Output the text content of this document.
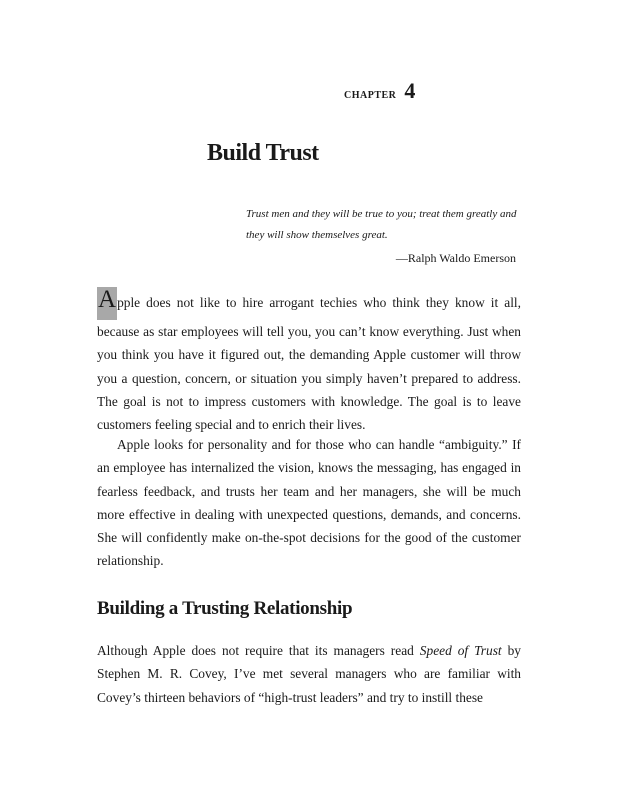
CHAPTER 4
Build Trust

Trust men and they will be true to you; treat them greatly and they will show themselves great.

—Ralph Waldo Emerson

Apple does not like to hire arrogant techies who think they know it all, because as star employees will tell you, you can’t know everything. Just when you think you have it figured out, the demanding Apple customer will throw you a question, concern, or situation you simply haven’t prepared to address. The goal is not to impress customers with knowledge. The goal is to leave customers feeling special and to enrich their lives.

Apple looks for personality and for those who can handle “ambiguity.” If an employee has internalized the vision, knows the messaging, has engaged in fearless feedback, and trusts her team and her managers, she will be much more effective in dealing with unexpected questions, demands, and concerns. She will confidently make on-the-spot decisions for the good of the customer relationship.

Building a Trusting Relationship

Although Apple does not require that its managers read Speed of Trust by Stephen M. R. Covey, I’ve met several managers who are familiar with Covey’s thirteen behaviors of “high-trust leaders” and try to instill these
